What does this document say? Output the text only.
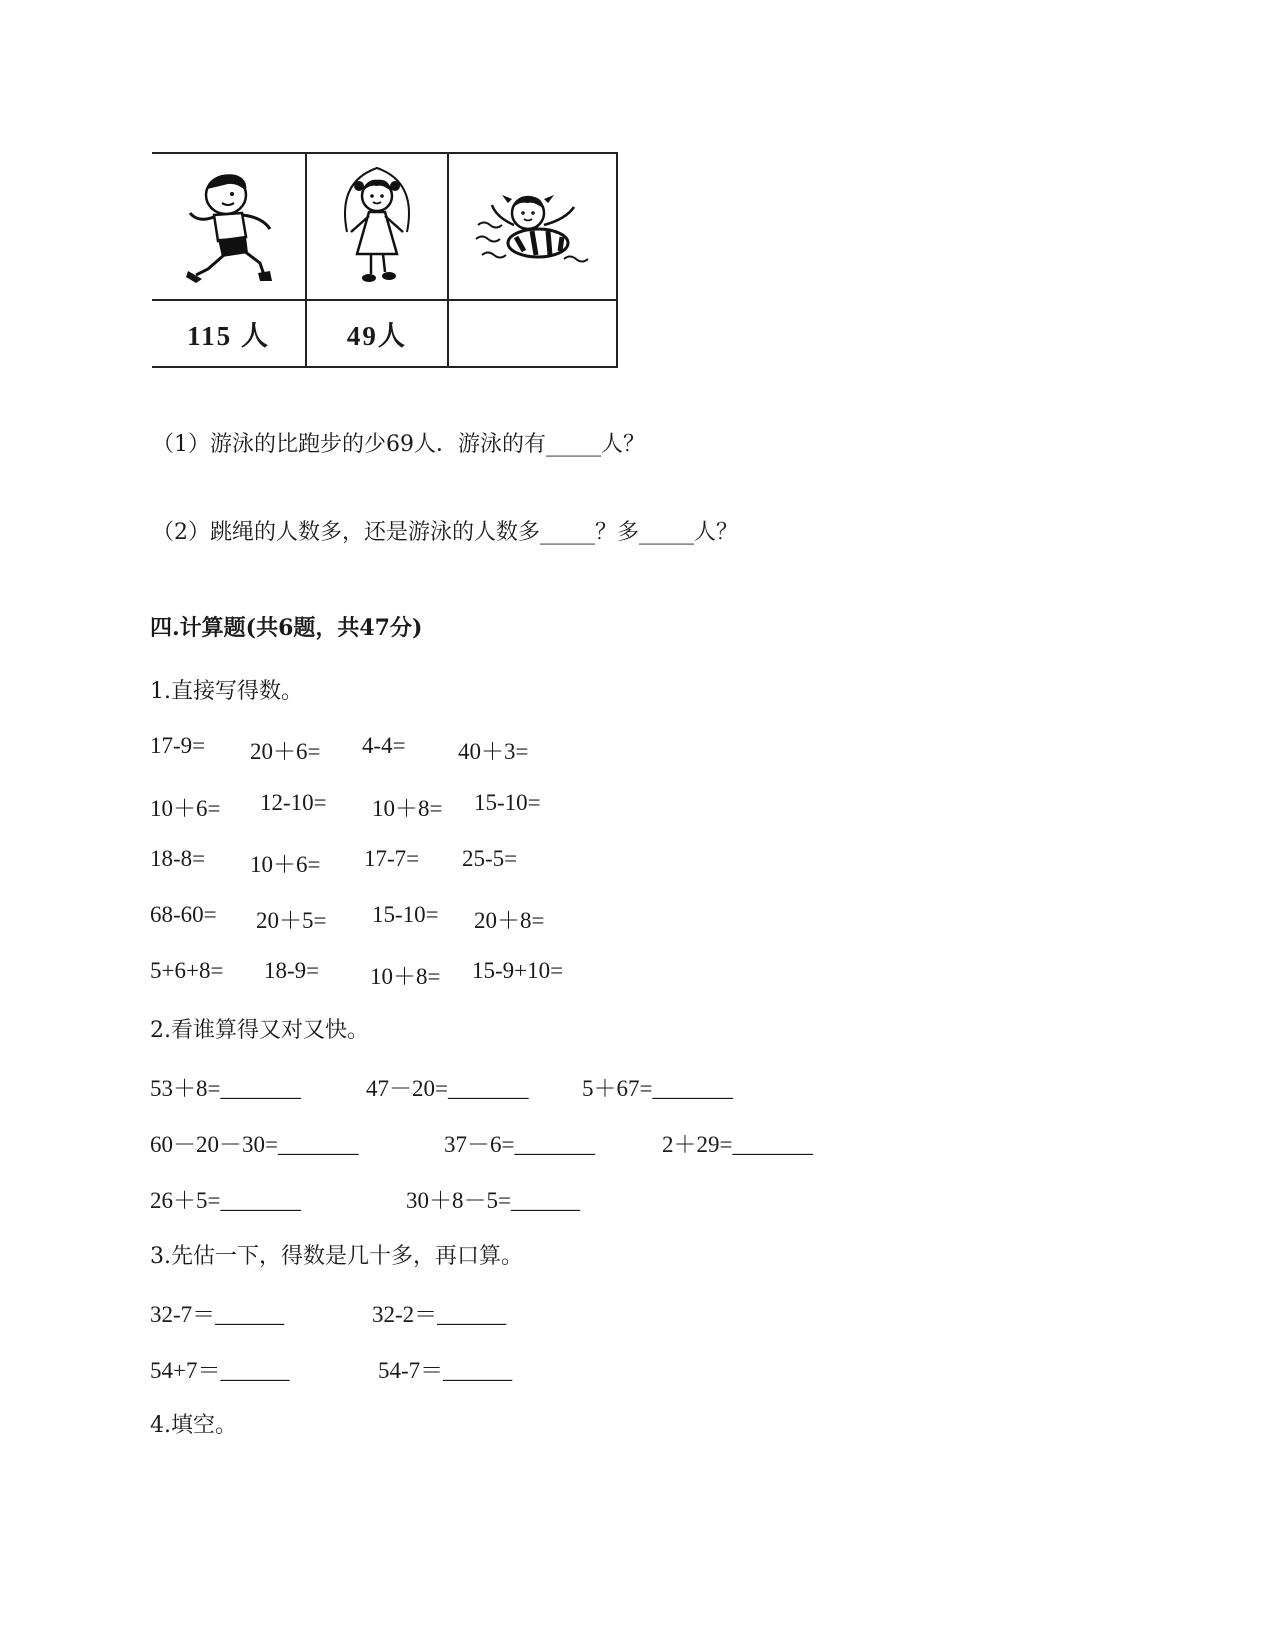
115 人	49人	
（1）游泳的比跑步的少69人．游泳的有_____人？
（2）跳绳的人数多，还是游泳的人数多_____？多_____人？
四.计算题(共6题，共47分)
1.直接写得数。
17-9= 20＋6= 4-4= 40＋3=
10＋6= 12-10= 10＋8= 15-10=
18-8= 10＋6= 17-7= 25-5=
68-60= 20＋5= 15-10= 20＋8=
5+6+8= 18-9= 10＋8= 15-9+10=
2.看谁算得又对又快。
53＋8=_______	47－20=_______ 5＋67=_______
60－20－30=_______	37－6=_______	2＋29=_______
26＋5=_______	30＋8－5=______
3.先估一下，得数是几十多，再口算。
32-7＝______	32-2＝______
54+7＝______	54-7＝______
4.填空。
